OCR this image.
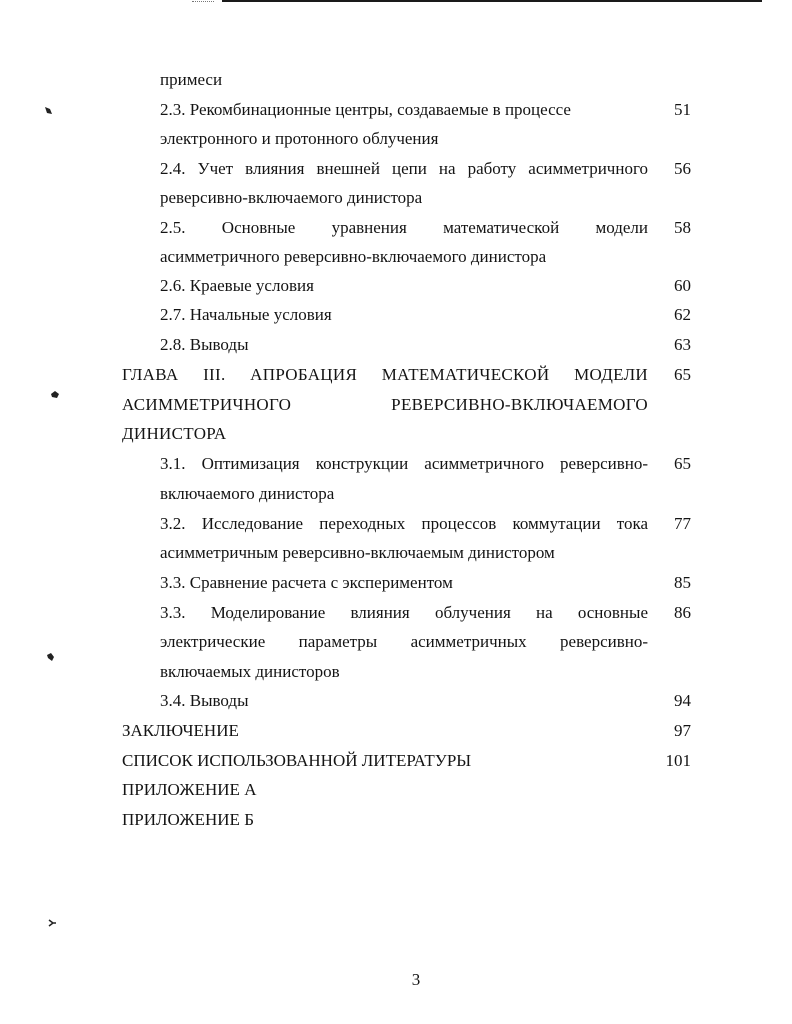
примеси
2.3. Рекомбинационные центры, создаваемые в процессе	51
электронного и протонного облучения
2.4. Учет влияния внешней цепи на работу асимметричного	56
реверсивно-включаемого динистора
2.5. Основные уравнения математической модели	58
асимметричного реверсивно-включаемого динистора
2.6. Краевые условия	60
2.7. Начальные условия	62
2.8. Выводы	63
ГЛАВА III. АПРОБАЦИЯ МАТЕМАТИЧЕСКОЙ МОДЕЛИ	65
АСИММЕТРИЧНОГО РЕВЕРСИВНО-ВКЛЮЧАЕМОГО
ДИНИСТОРА
3.1. Оптимизация конструкции асимметричного реверсивно-	65
включаемого динистора
3.2. Исследование переходных процессов коммутации тока	77
асимметричным реверсивно-включаемым динистором
3.3. Сравнение расчета с экспериментом	85
3.3. Моделирование влияния облучения на основные	86
электрические параметры асимметричных реверсивно-
включаемых динисторов
3.4. Выводы	94
ЗАКЛЮЧЕНИЕ	97
СПИСОК ИСПОЛЬЗОВАННОЙ ЛИТЕРАТУРЫ	101
ПРИЛОЖЕНИЕ А
ПРИЛОЖЕНИЕ Б
3
